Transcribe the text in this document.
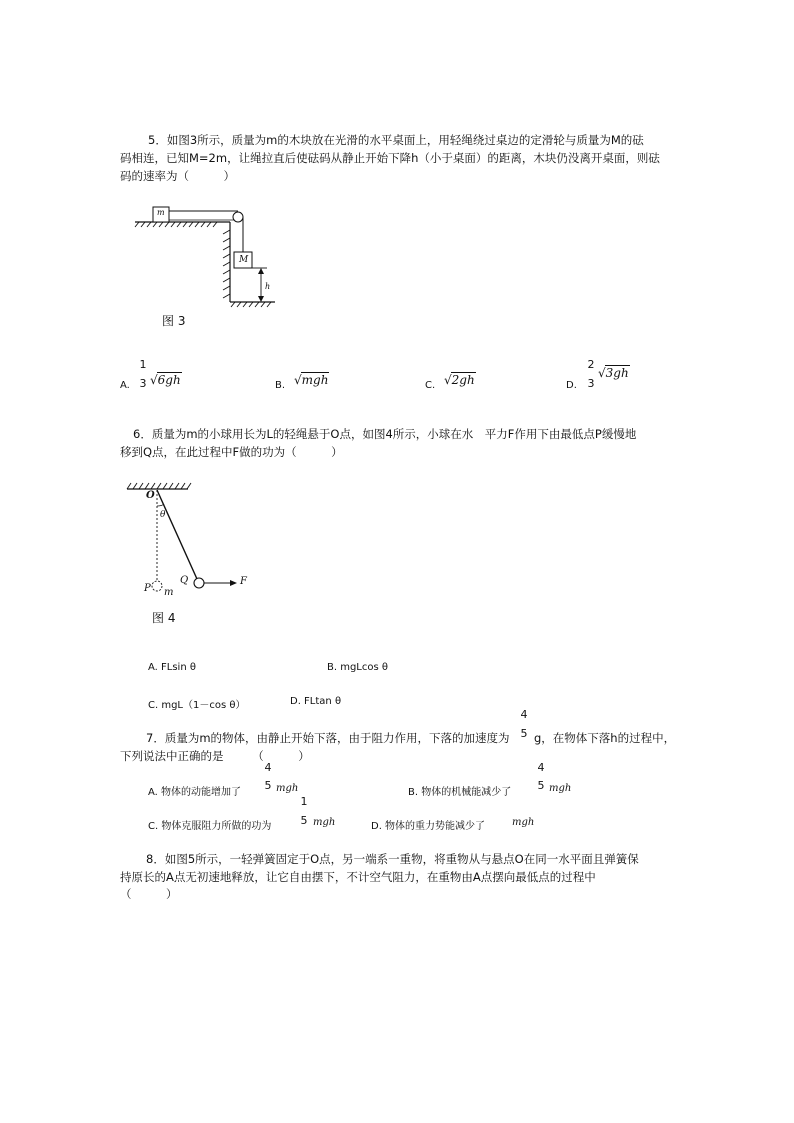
5．如图3所示，质量为m的木块放在光滑的水平桌面上，用轻绳绕过桌边的定滑轮与质量为M的砝
码相连，已知M=2m，让绳拉直后使砝码从静止开始下降h（小于桌面）的距离，木块仍没离开桌面，则砝
码的速率为（　　　）
m
M
h
图 3
A.
1
3 √6gh	B. √mgh	C. √2gh	D.
2
3
√3gh
6．质量为m的小球用长为L的轻绳悬于O点，如图4所示，小球在水　平力F作用下由最低点P缓慢地
移到Q点，在此过程中F做的功为（　　　）
O
θ
P m
Q	F
图 4
A. FLsin θ	B. mgLcos θ
C. mgL（1－cos θ）	D. FLtan θ
7．质量为m的物体，由静止开始下落，由于阻力作用，下落的加速度为
4
5 g，在物体下落h的过程中，
下列说法中正确的是　　　（　　　）
A. 物体的动能增加了
4
5 mgh	B. 物体的机械能减少了
4
5 mgh
C. 物体克服阻力所做的功为
1
5 mgh	D. 物体的重力势能减少了	mgh
8．如图5所示，一轻弹簧固定于O点，另一端系一重物，将重物从与悬点O在同一水平面且弹簧保
持原长的A点无初速地释放，让它自由摆下，不计空气阻力，在重物由A点摆向最低点的过程中
（　　　）
